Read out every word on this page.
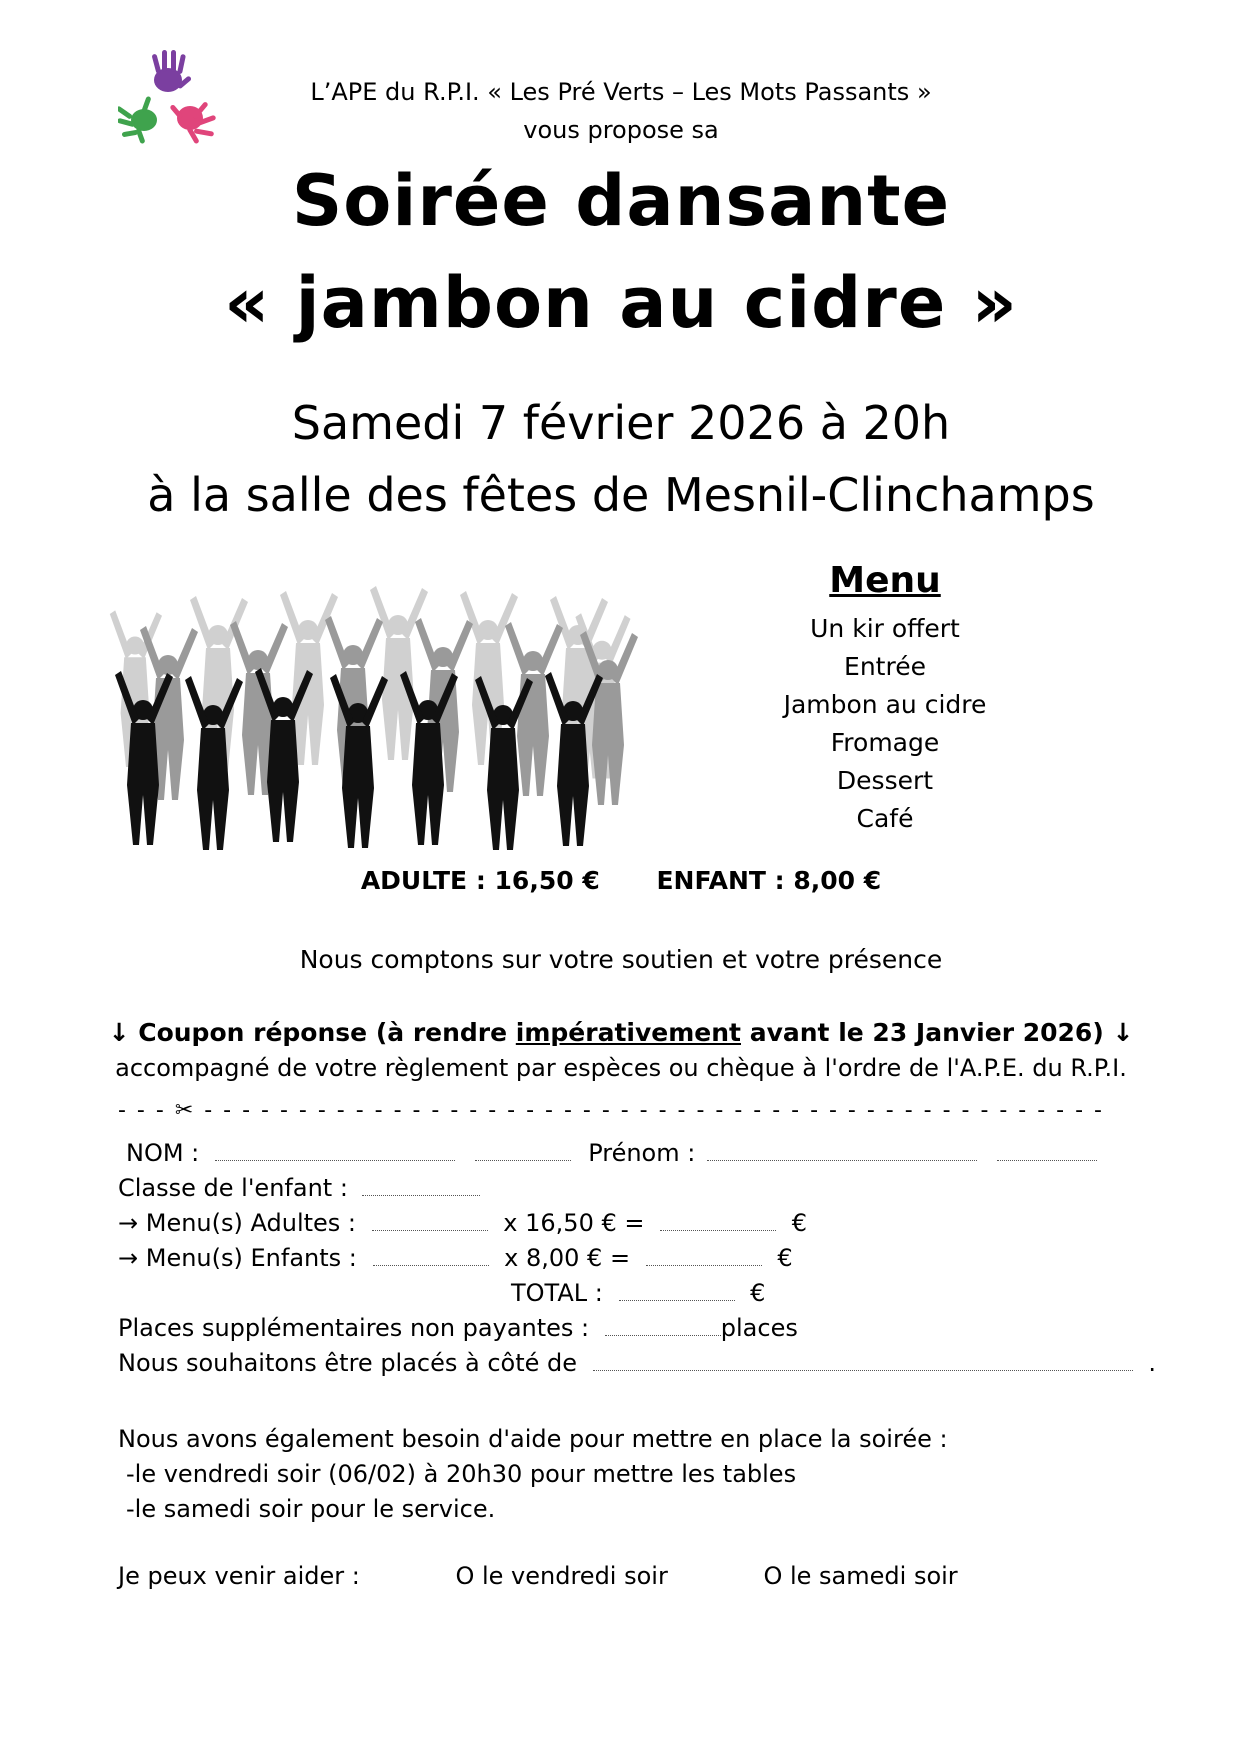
L’APE du R.P.I. « Les Pré Verts – Les Mots Passants »
vous propose sa
Soirée dansante
« jambon au cidre »
Samedi 7 février 2026 à 20h
à la salle des fêtes de Mesnil-Clinchamps
Menu
Un kir offert
Entrée
Jambon au cidre
Fromage
Dessert
Café
ADULTE : 16,50 € ENFANT : 8,00 €
Nous comptons sur votre soutien et votre présence
↓ Coupon réponse (à rendre impérativement avant le 23 Janvier 2026) ↓
accompagné de votre règlement par espèces ou chèque à l'ordre de l'A.P.E. du R.P.I.
- - - ✂ - - - - - - - - - - - - - - - - - - - - - - - - - - - - - - - - - - - - - - - - - - - - - - - -
NOM :	Prénom :
Classe de l'enfant :
→ Menu(s) Adultes :	x 16,50 € =	€
→ Menu(s) Enfants :	x 8,00 € =	€
TOTAL :	€
Places supplémentaires non payantes :	places
Nous souhaitons être placés à côté de	.
Nous avons également besoin d'aide pour mettre en place la soirée :
-le vendredi soir (06/02) à 20h30 pour mettre les tables
-le samedi soir pour le service.
Je peux venir aider :	O le vendredi soir	O le samedi soir
